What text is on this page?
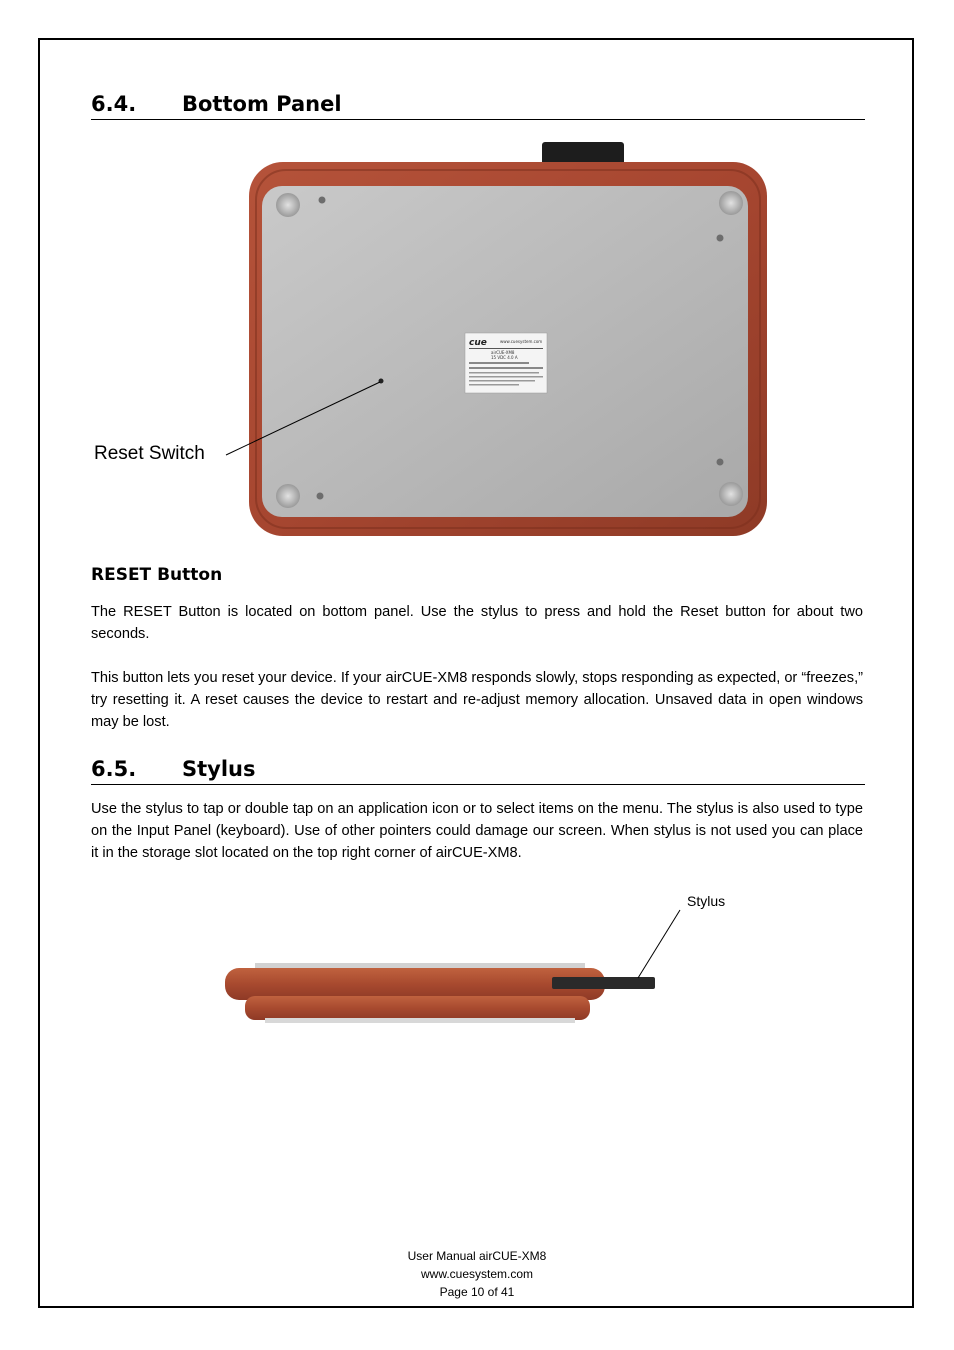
6.4. Bottom Panel
cue	www.cuesystem.com
airCUE-XM8
15 VDC 4.0 A
Reset Switch
RESET Button
The RESET Button is located on bottom panel. Use the stylus to press and hold the Reset button for about two seconds.
This button lets you reset your device. If your airCUE-XM8 responds slowly, stops responding as expected, or “freezes,” try resetting it. A reset causes the device to restart and re-adjust memory allocation. Unsaved data in open windows may be lost.
6.5. Stylus
Use the stylus to tap or double tap on an application icon or to select items on the menu. The stylus is also used to type on the Input Panel (keyboard). Use of other pointers could damage our screen. When stylus is not used you can place it in the storage slot located on the top right corner of airCUE-XM8.
Stylus
User Manual airCUE-XM8
www.cuesystem.com
Page 10 of 41
